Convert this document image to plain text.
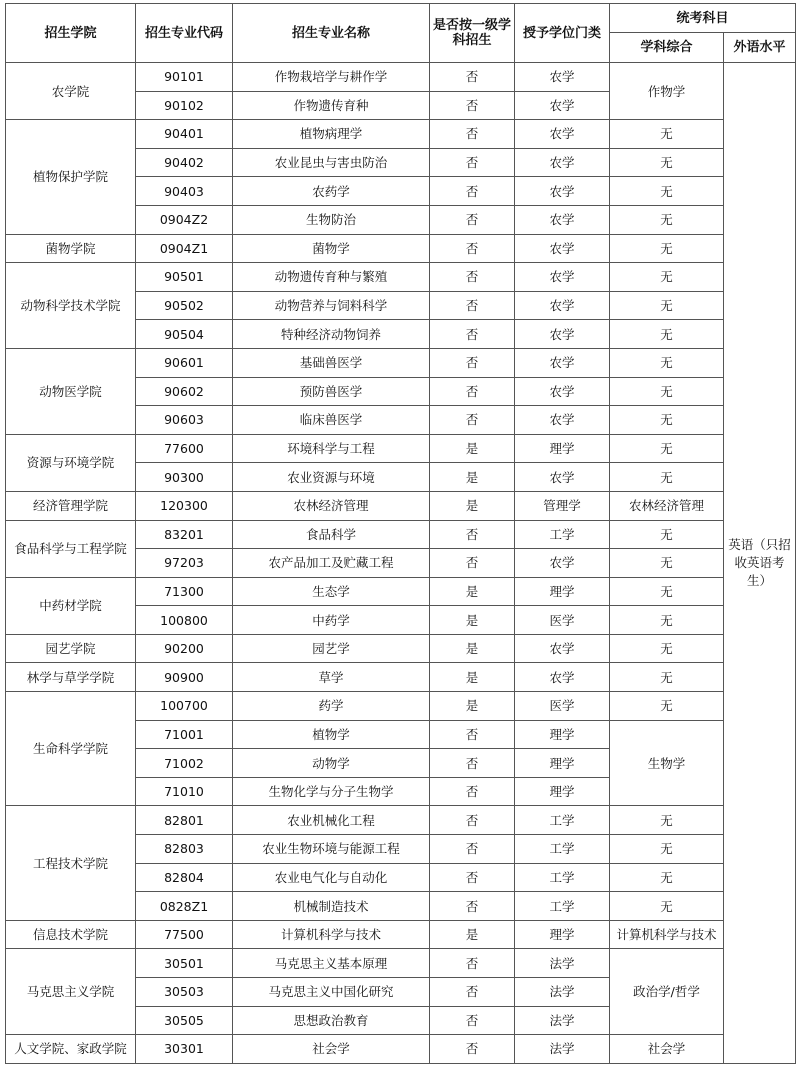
招生学院	招生专业代码	招生专业名称	是否按一级学科招生	授予学位门类	统考科目	
					学科综合	外语水平
农学院	90101	作物栽培学与耕作学	否	农学	作物学	英语（只招收英语考生）
	90102	作物遗传育种	否	农学		
植物保护学院	90401	植物病理学	否	农学	无	
	90402	农业昆虫与害虫防治	否	农学	无	
	90403	农药学	否	农学	无	
	0904Z2	生物防治	否	农学	无	
菌物学院	0904Z1	菌物学	否	农学	无	
动物科学技术学院	90501	动物遗传育种与繁殖	否	农学	无	
	90502	动物营养与饲料科学	否	农学	无	
	90504	特种经济动物饲养	否	农学	无	
动物医学院	90601	基础兽医学	否	农学	无	
	90602	预防兽医学	否	农学	无	
	90603	临床兽医学	否	农学	无	
资源与环境学院	77600	环境科学与工程	是	理学	无	
	90300	农业资源与环境	是	农学	无	
经济管理学院	120300	农林经济管理	是	管理学	农林经济管理	
食品科学与工程学院	83201	食品科学	否	工学	无	
	97203	农产品加工及贮藏工程	否	农学	无	
中药材学院	71300	生态学	是	理学	无	
	100800	中药学	是	医学	无	
园艺学院	90200	园艺学	是	农学	无	
林学与草学学院	90900	草学	是	农学	无	
生命科学学院	100700	药学	是	医学	无	
	71001	植物学	否	理学	生物学	
	71002	动物学	否	理学		
	71010	生物化学与分子生物学	否	理学		
工程技术学院	82801	农业机械化工程	否	工学	无	
	82803	农业生物环境与能源工程	否	工学	无	
	82804	农业电气化与自动化	否	工学	无	
	0828Z1	机械制造技术	否	工学	无	
信息技术学院	77500	计算机科学与技术	是	理学	计算机科学与技术	
马克思主义学院	30501	马克思主义基本原理	否	法学	政治学/哲学	
	30503	马克思主义中国化研究	否	法学		
	30505	思想政治教育	否	法学		
人文学院、家政学院	30301	社会学	否	法学	社会学	
